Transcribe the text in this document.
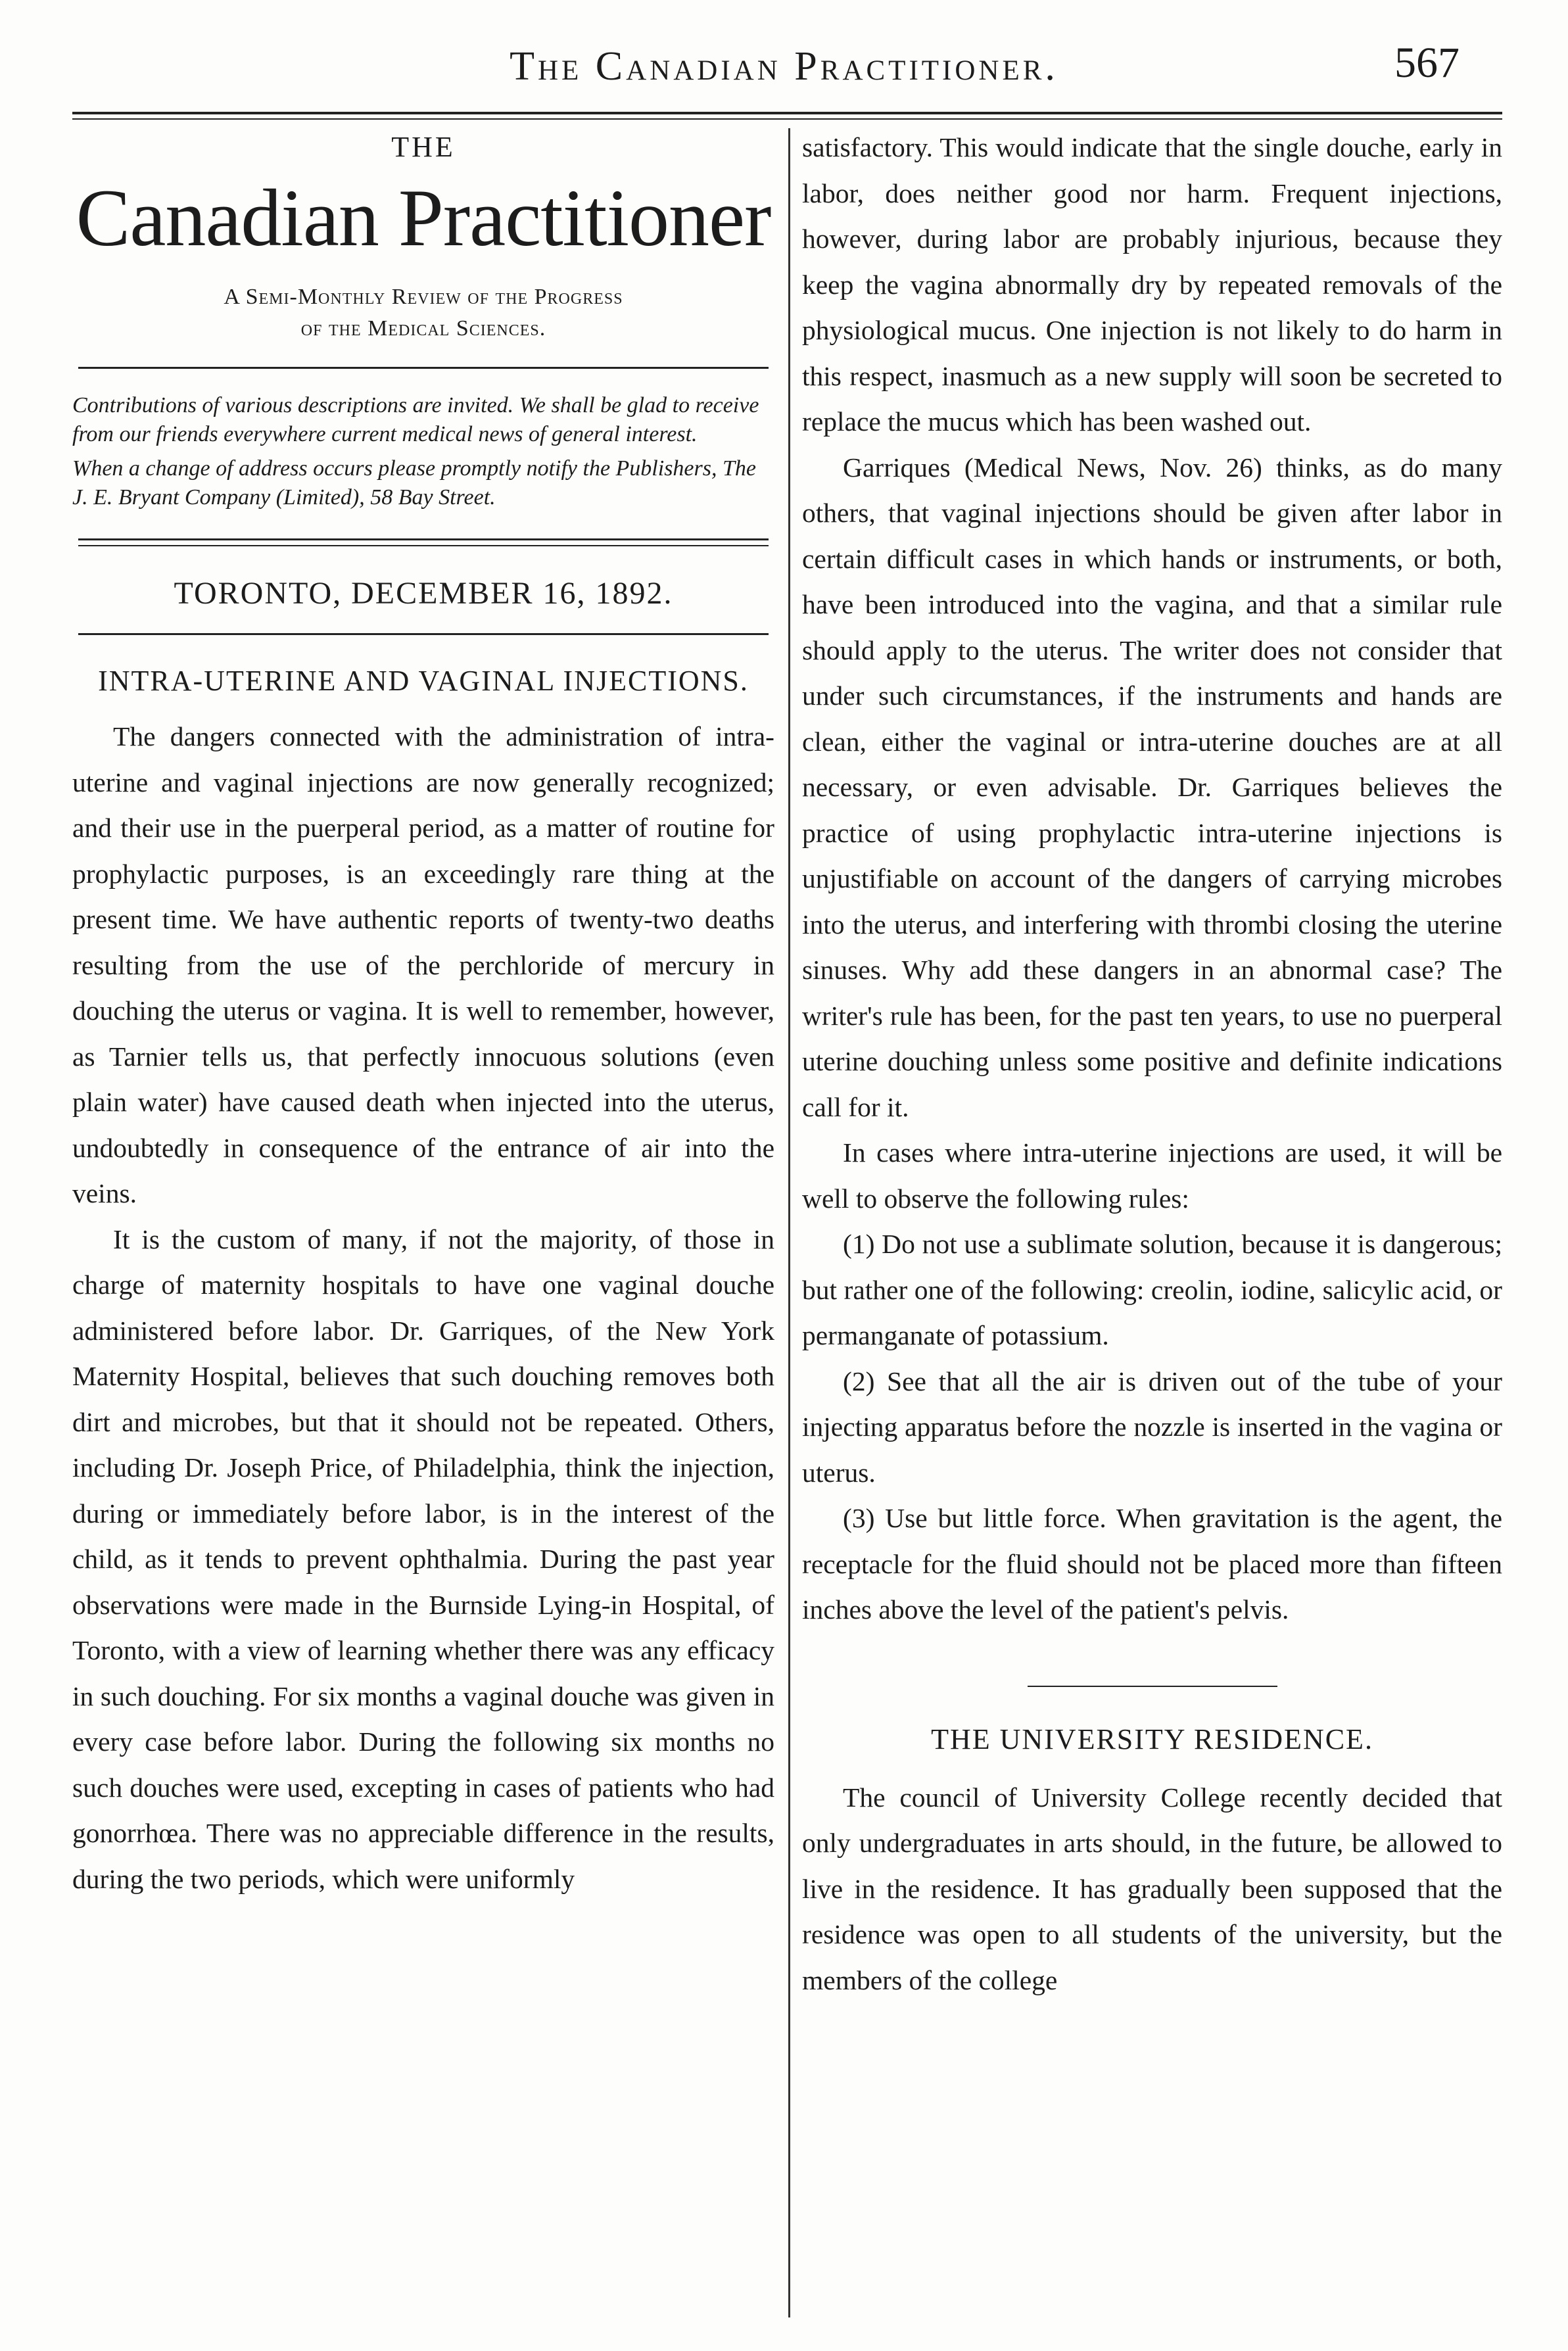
The Canadian Practitioner.	567
THE
Canadian Practitioner
A Semi-Monthly Review of the Progress
of the Medical Sciences.

Contributions of various descriptions are invited. We shall be glad to receive from our friends everywhere current medical news of general interest.

When a change of address occurs please promptly notify the Publishers, The J. E. Bryant Company (Limited), 58 Bay Street.

TORONTO, DECEMBER 16, 1892.
INTRA-UTERINE AND VAGINAL INJECTIONS.

The dangers connected with the administration of intra-uterine and vaginal injections are now generally recognized; and their use in the puerperal period, as a matter of routine for prophylactic purposes, is an exceedingly rare thing at the present time. We have authentic reports of twenty-two deaths resulting from the use of the perchloride of mercury in douching the uterus or vagina. It is well to remember, however, as Tarnier tells us, that perfectly innocuous solutions (even plain water) have caused death when injected into the uterus, undoubtedly in consequence of the entrance of air into the veins.

It is the custom of many, if not the majority, of those in charge of maternity hospitals to have one vaginal douche administered before labor. Dr. Garriques, of the New York Maternity Hospital, believes that such douching removes both dirt and microbes, but that it should not be repeated. Others, including Dr. Joseph Price, of Philadelphia, think the injection, during or immediately before labor, is in the interest of the child, as it tends to prevent ophthalmia. During the past year observations were made in the Burnside Lying-in Hospital, of Toronto, with a view of learning whether there was any efficacy in such douching. For six months a vaginal douche was given in every case before labor. During the following six months no such douches were used, excepting in cases of patients who had gonorrhœa. There was no appreciable difference in the results, during the two periods, which were uniformly

satisfactory. This would indicate that the single douche, early in labor, does neither good nor harm. Frequent injections, however, during labor are probably injurious, because they keep the vagina abnormally dry by repeated removals of the physiological mucus. One injection is not likely to do harm in this respect, inasmuch as a new supply will soon be secreted to replace the mucus which has been washed out.

Garriques (Medical News, Nov. 26) thinks, as do many others, that vaginal injections should be given after labor in certain difficult cases in which hands or instruments, or both, have been introduced into the vagina, and that a similar rule should apply to the uterus. The writer does not consider that under such circumstances, if the instruments and hands are clean, either the vaginal or intra-uterine douches are at all necessary, or even advisable. Dr. Garriques believes the practice of using prophylactic intra-uterine injections is unjustifiable on account of the dangers of carrying microbes into the uterus, and interfering with thrombi closing the uterine sinuses. Why add these dangers in an abnormal case? The writer's rule has been, for the past ten years, to use no puerperal uterine douching unless some positive and definite indications call for it.

In cases where intra-uterine injections are used, it will be well to observe the following rules:

(1) Do not use a sublimate solution, because it is dangerous; but rather one of the following: creolin, iodine, salicylic acid, or permanganate of potassium.

(2) See that all the air is driven out of the tube of your injecting apparatus before the nozzle is inserted in the vagina or uterus.

(3) Use but little force. When gravitation is the agent, the receptacle for the fluid should not be placed more than fifteen inches above the level of the patient's pelvis.

THE UNIVERSITY RESIDENCE.

The council of University College recently decided that only undergraduates in arts should, in the future, be allowed to live in the residence. It has gradually been supposed that the residence was open to all students of the university, but the members of the college
